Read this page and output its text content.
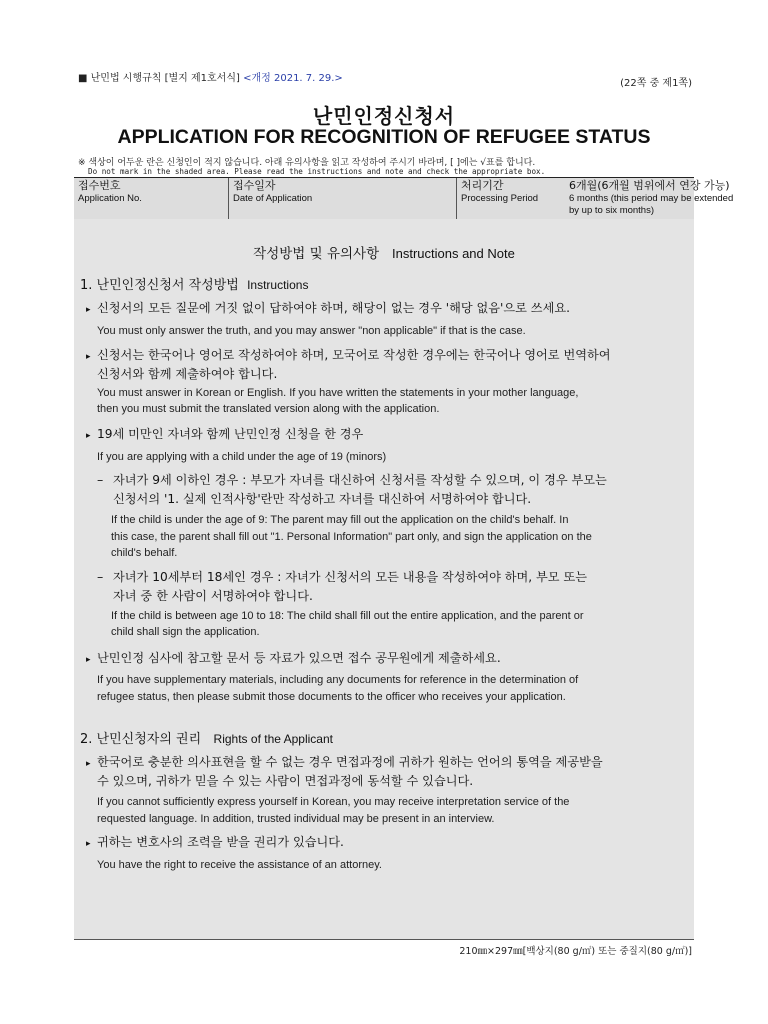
■ 난민법 시행규칙 [별지 제1호서식] <개정 2021. 7. 29.>	(22쪽 중 제1쪽)
난민인정신청서
APPLICATION FOR RECOGNITION OF REFUGEE STATUS
※ 색상이 어두운 란은 신청인이 적지 않습니다. 아래 유의사항을 읽고 작성하여 주시기 바라며, [ ]에는 √표를 합니다.
Do not mark in the shaded area. Please read the instructions and note and check the appropriate box.
접수번호
Application No.
접수일자
Date of Application
처리기간
Processing Period
6개월(6개월 범위에서 연장 가능)
6 months (this period may be extended
by up to six months)
작성방법 및 유의사항 Instructions and Note
1. 난민인정신청서 작성방법 Instructions
▸ 신청서의 모든 질문에 거짓 없이 답하여야 하며, 해당이 없는 경우 '해당 없음'으로 쓰세요.
You must only answer the truth, and you may answer "non applicable" if that is the case.
▸ 신청서는 한국어나 영어로 작성하여야 하며, 모국어로 작성한 경우에는 한국어나 영어로 번역하여
신청서와 함께 제출하여야 합니다.
You must answer in Korean or English. If you have written the statements in your mother language,
then you must submit the translated version along with the application.
▸ 19세 미만인 자녀와 함께 난민인정 신청을 한 경우
If you are applying with a child under the age of 19 (minors)
– 자녀가 9세 이하인 경우 : 부모가 자녀를 대신하여 신청서를 작성할 수 있으며, 이 경우 부모는
신청서의 '1. 실제 인적사항'란만 작성하고 자녀를 대신하여 서명하여야 합니다.
If the child is under the age of 9: The parent may fill out the application on the child's behalf. In
this case, the parent shall fill out "1. Personal Information" part only, and sign the application on the
child's behalf.
– 자녀가 10세부터 18세인 경우 : 자녀가 신청서의 모든 내용을 작성하여야 하며, 부모 또는
자녀 중 한 사람이 서명하여야 합니다.
If the child is between age 10 to 18: The child shall fill out the entire application, and the parent or
child shall sign the application.
▸ 난민인정 심사에 참고할 문서 등 자료가 있으면 접수 공무원에게 제출하세요.
If you have supplementary materials, including any documents for reference in the determination of
refugee status, then please submit those documents to the officer who receives your application.
2. 난민신청자의 권리 Rights of the Applicant
▸ 한국어로 충분한 의사표현을 할 수 없는 경우 면접과정에 귀하가 원하는 언어의 통역을 제공받을
수 있으며, 귀하가 믿을 수 있는 사람이 면접과정에 동석할 수 있습니다.
If you cannot sufficiently express yourself in Korean, you may receive interpretation service of the
requested language. In addition, trusted individual may be present in an interview.
▸ 귀하는 변호사의 조력을 받을 권리가 있습니다.
You have the right to receive the assistance of an attorney.
210㎜×297㎜[백상지(80 g/㎡) 또는 중질지(80 g/㎡)]
